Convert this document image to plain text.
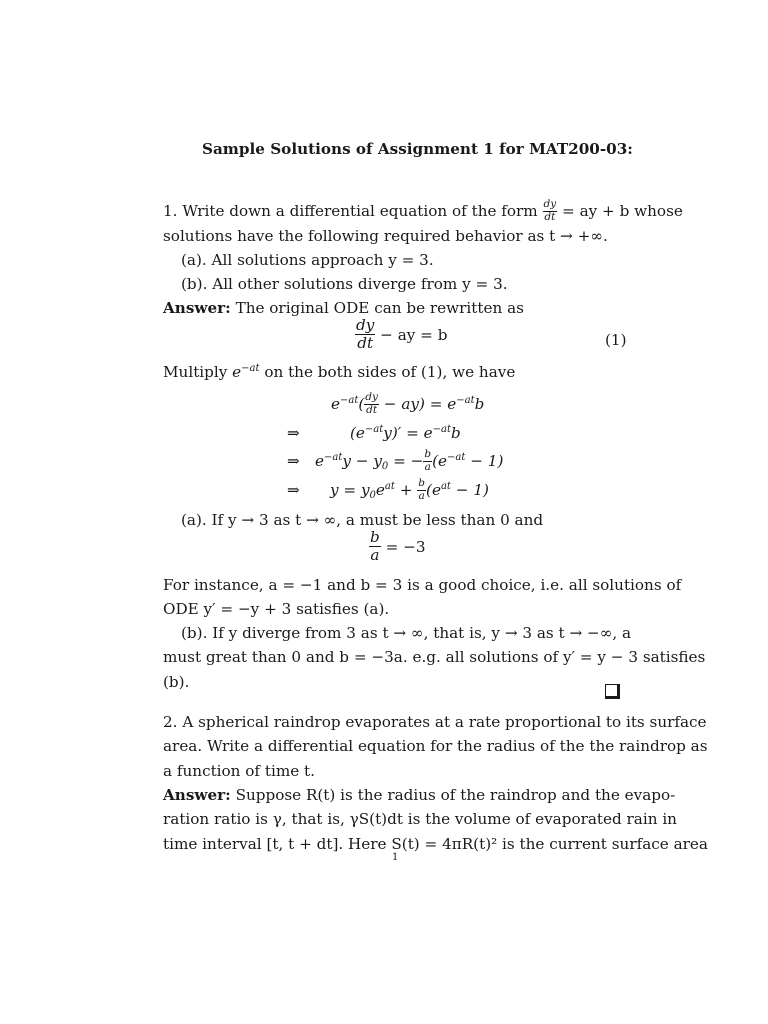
Sample Solutions of Assignment 1 for MAT200-03:
1. Write down a differential equation of the form $\frac{dy}{dt}$ = ay + b whose
solutions have the following required behavior as t → +∞.
(a). All solutions approach y = 3.
(b). All other solutions diverge from y = 3.
Answer: The original ODE can be rewritten as
$\frac{dy}{dt}$ − ay = b	(1)
Multiply $e^{-at}$ on the both sides of (1), we have
$e^{-at}( \frac{dy}{dt} - ay) = e^{-at}b$
⇒	$(e^{-at}y)' = e^{-at}b$
⇒ $e^{-at}y - y_0$ = − $\frac{b}{a} (e^{-at} - 1)$
⇒ $y = y_0e^{at} + \frac{b}{a} (e^{at} - 1)$
(a). If y → 3 as t → ∞, a must be less than 0 and
$\frac{b}{a} = -3$
For instance, a = −1 and b = 3 is a good choice, i.e. all solutions of
ODE y′ = −y + 3 satisfies (a).
(b). If y diverge from 3 as t → ∞, that is, y → 3 as t → −∞, a
must great than 0 and b = −3a. e.g. all solutions of y′ = y − 3 satisfies
(b).
2. A spherical raindrop evaporates at a rate proportional to its surface
area. Write a differential equation for the radius of the the raindrop as
a function of time t.
Answer: Suppose R(t) is the radius of the raindrop and the evapo-
ration ratio is γ, that is, γS(t)dt is the volume of evaporated rain in
time interval [t, t + dt]. Here S(t) = 4πR(t)² is the current surface area
1
